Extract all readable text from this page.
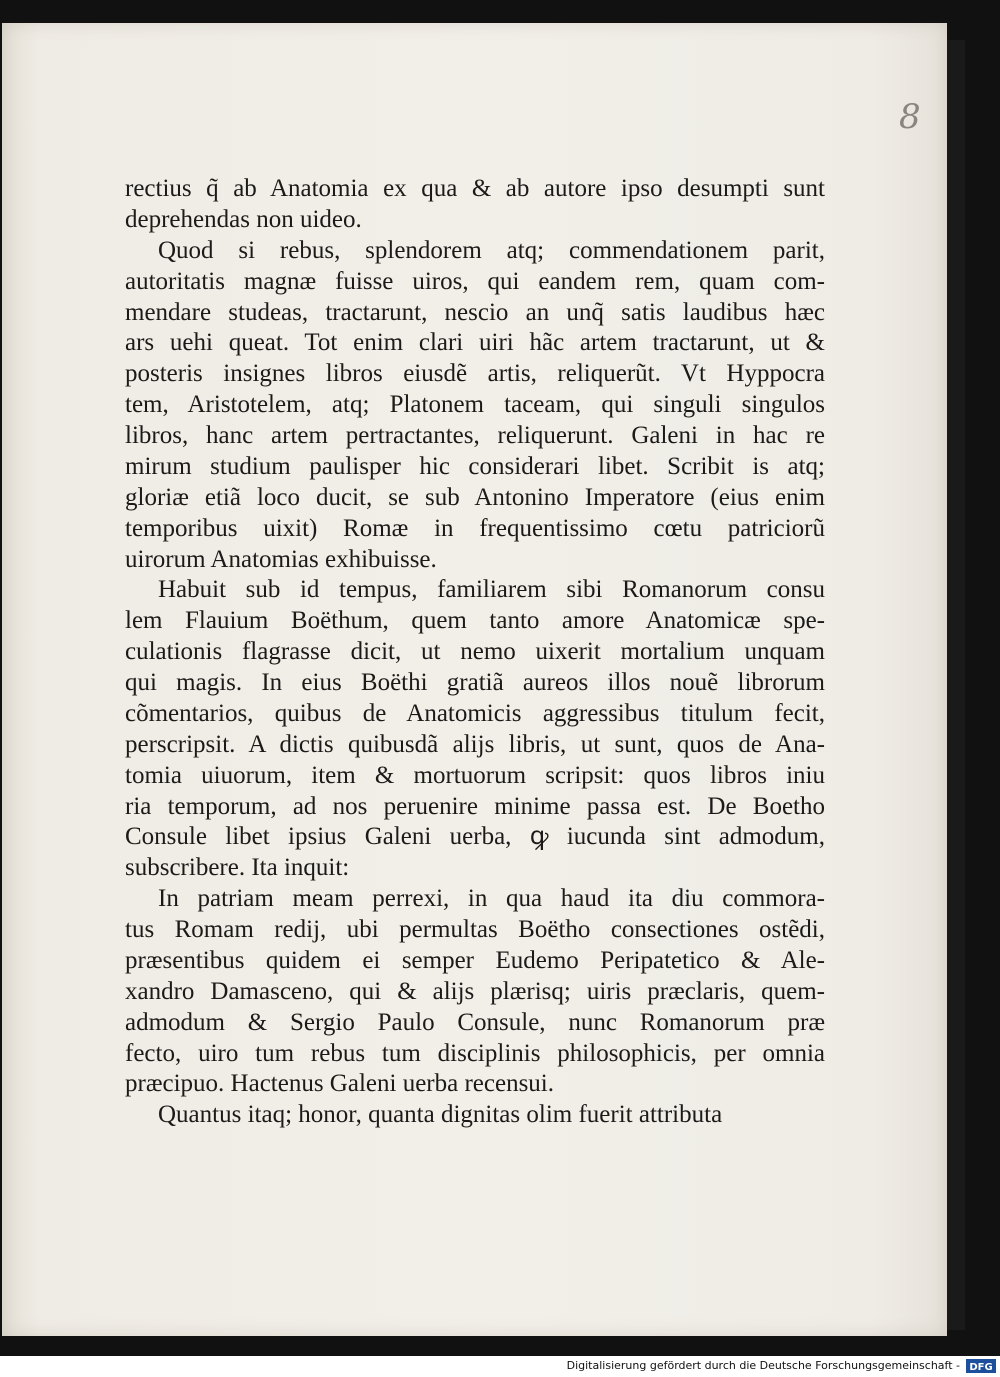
8
rectius q̃ ab Anatomia ex qua & ab autore ipso desumpti sunt
deprehendas non uideo.
Quod si rebus, splendorem atq; commendationem parit,
autoritatis magnæ fuisse uiros, qui eandem rem, quam com-
mendare studeas, tractarunt, nescio an unq̃ satis laudibus hæc
ars uehi queat. Tot enim clari uiri hãc artem tractarunt, ut &
posteris insignes libros eiusdẽ artis, reliquerũt. Vt Hyppocra
tem, Aristotelem, atq; Platonem taceam, qui singuli singulos
libros, hanc artem pertractantes, reliquerunt. Galeni in hac re
mirum studium paulisper hic considerari libet. Scribit is atq;
gloriæ etiã loco ducit, se sub Antonino Imperatore (eius enim
temporibus uixit) Romæ in frequentissimo cœtu patriciorũ
uirorum Anatomias exhibuisse.
Habuit sub id tempus, familiarem sibi Romanorum consu
lem Flauium Boëthum, quem tanto amore Anatomicæ spe-
culationis flagrasse dicit, ut nemo uixerit mortalium unquam
qui magis. In eius Boëthi gratiã aureos illos nouẽ librorum
cõmentarios, quibus de Anatomicis aggressibus titulum fecit,
perscripsit. A dictis quibusdã alijs libris, ut sunt, quos de Ana-
tomia uiuorum, item & mortuorum scripsit: quos libros iniu
ria temporum, ad nos peruenire minime passa est. De Boetho
Consule libet ipsius Galeni uerba, ꝙ iucunda sint admodum,
subscribere. Ita inquit:
In patriam meam perrexi, in qua haud ita diu commora-
tus Romam redij, ubi permultas Boëtho consectiones ostẽdi,
præsentibus quidem ei semper Eudemo Peripatetico & Ale-
xandro Damasceno, qui & alijs plærisq; uiris præclaris, quem-
admodum & Sergio Paulo Consule, nunc Romanorum præ
fecto, uiro tum rebus tum disciplinis philosophicis, per omnia
præcipuo. Hactenus Galeni uerba recensui.
Quantus itaq; honor, quanta dignitas olim fuerit attributa
Digitalisierung gefördert durch die Deutsche Forschungsgemeinschaft - DFG
